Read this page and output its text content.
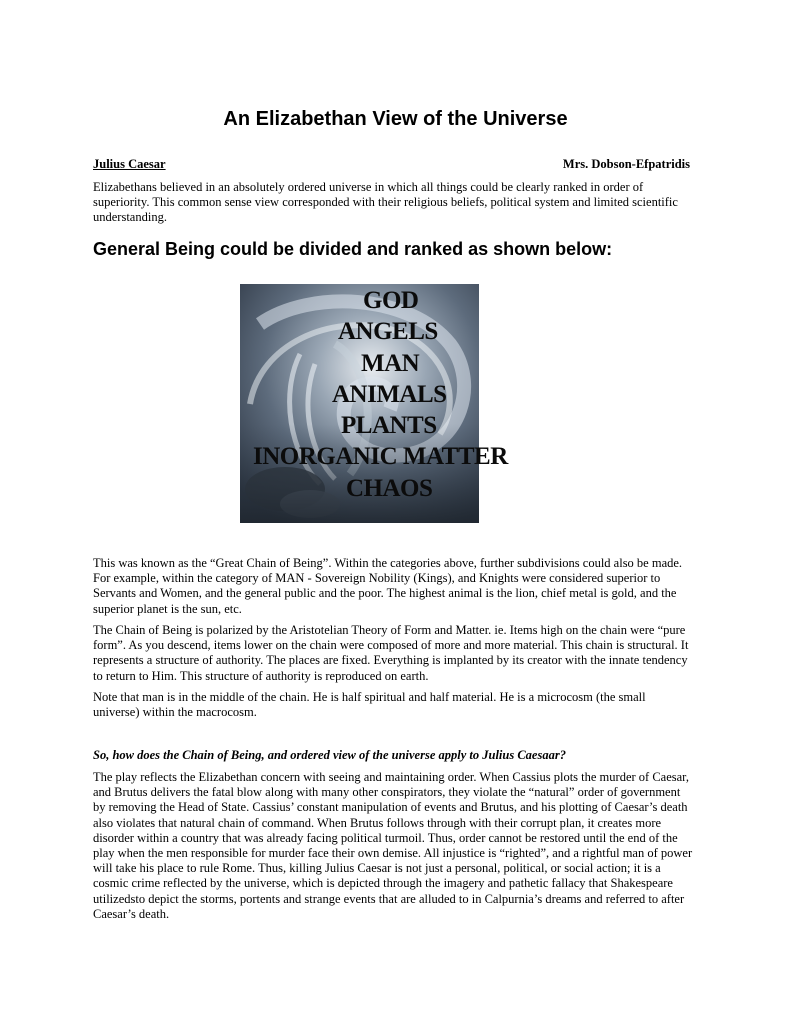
An Elizabethan View of the Universe
Julius Caesar	Mrs. Dobson-Efpatridis

Elizabethans believed in an absolutely ordered universe in which all things could be clearly ranked in order of superiority. This common sense view corresponded with their religious beliefs, political system and limited scientific understanding.

General Being could be divided and ranked as shown below:
GOD
ANGELS
MAN
ANIMALS
PLANTS
INORGANIC MATTER
CHAOS

This was known as the “Great Chain of Being”. Within the categories above, further subdivisions could also be made. For example, within the category of MAN - Sovereign Nobility (Kings), and Knights were considered superior to Servants and Women, and the general public and the poor. The highest animal is the lion, chief metal is gold, and the superior planet is the sun, etc.

The Chain of Being is polarized by the Aristotelian Theory of Form and Matter. ie. Items high on the chain were “pure form”. As you descend, items lower on the chain were composed of more and more material. This chain is structural. It represents a structure of authority. The places are fixed. Everything is implanted by its creator with the innate tendency to return to Him. This structure of authority is reproduced on earth.

Note that man is in the middle of the chain. He is half spiritual and half material. He is a microcosm (the small universe) within the macrocosm.

So, how does the Chain of Being, and ordered view of the universe apply to Julius Caesaar?

The play reflects the Elizabethan concern with seeing and maintaining order. When Cassius plots the murder of Caesar, and Brutus delivers the fatal blow along with many other conspirators, they violate the “natural” order of government by removing the Head of State. Cassius’ constant manipulation of events and Brutus, and his plotting of Caesar’s death also violates that natural chain of command. When Brutus follows through with their corrupt plan, it creates more disorder within a country that was already facing political turmoil. Thus, order cannot be restored until the end of the play when the men responsible for murder face their own demise. All injustice is “righted”, and a rightful man of power will take his place to rule Rome. Thus, killing Julius Caesar is not just a personal, political, or social action; it is a cosmic crime reflected by the universe, which is depicted through the imagery and pathetic fallacy that Shakespeare utilizedsto depict the storms, portents and strange events that are alluded to in Calpurnia’s dreams and referred to after Caesar’s death.
